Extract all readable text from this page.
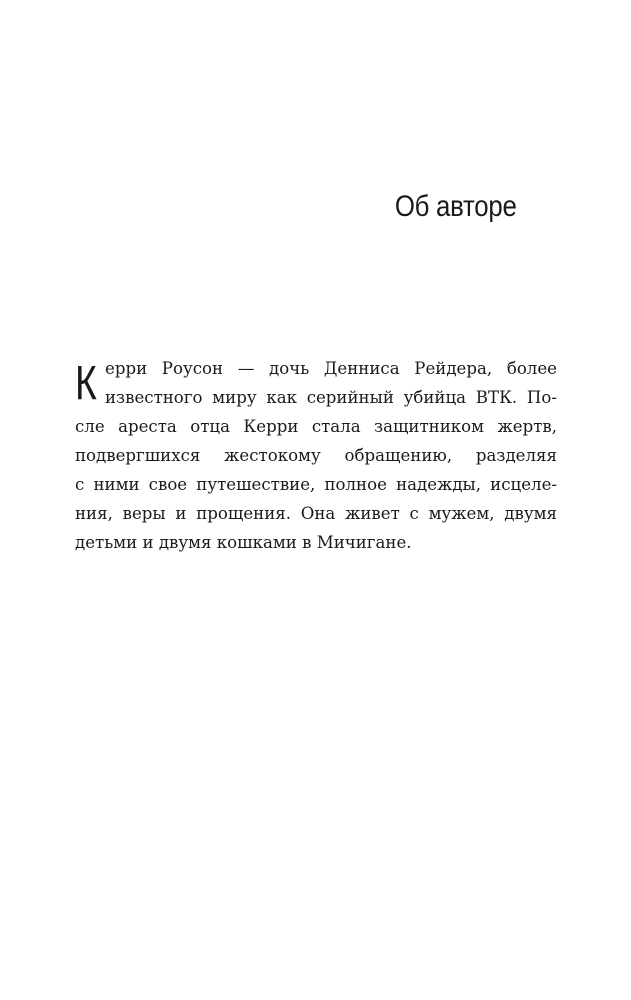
Об авторе
К ерри Роусон — дочь Денниса Рейдера, более
известного миру как серийный убийца ВТК. По-
сле ареста отца Керри стала защитником жертв,
подвергшихся жестокому обращению, разделяя
с ними свое путешествие, полное надежды, исцеле-
ния, веры и прощения. Она живет с мужем, двумя
детьми и двумя кошками в Мичигане.
